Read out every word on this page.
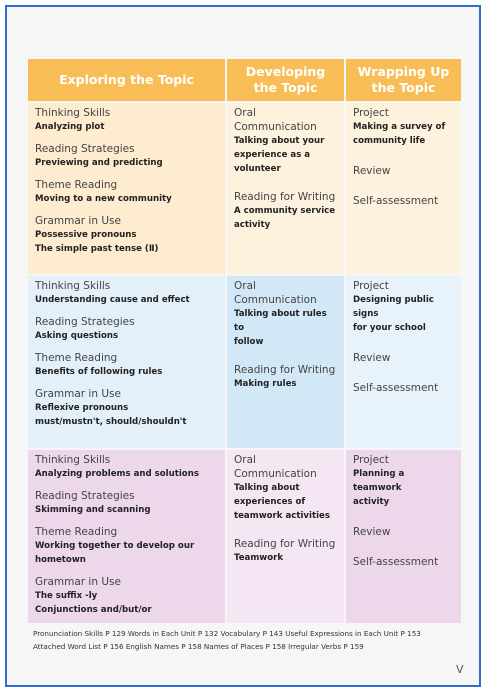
Exploring the Topic
Developing the Topic
Wrapping Up the Topic
Thinking Skills
Analyzing plot
Reading Strategies
Previewing and predicting
Theme Reading
Moving to a new community
Grammar in Use
Possessive pronouns
The simple past tense (Ⅱ)
Oral Communication
Talking about your
experience as a
volunteer
Reading for Writing
A community service
activity
Project
Making a survey of
community life
Review
Self-assessment
Thinking Skills
Understanding cause and effect
Reading Strategies
Asking questions
Theme Reading
Benefits of following rules
Grammar in Use
Reflexive pronouns
must/mustn't, should/shouldn't
Oral Communication
Talking about rules to
follow
Reading for Writing
Making rules
Project
Designing public signs
for your school
Review
Self-assessment
Thinking Skills
Analyzing problems and solutions
Reading Strategies
Skimming and scanning
Theme Reading
Working together to develop our
hometown
Grammar in Use
The suffix -ly
Conjunctions and/but/or
Oral Communication
Talking about
experiences of
teamwork activities
Reading for Writing
Teamwork
Project
Planning a teamwork
activity
Review
Self-assessment
Pronunciation Skills P 129 Words in Each Unit P 132 Vocabulary P 143 Useful Expressions in Each Unit P 153
Attached Word List P 156 English Names P 158 Names of Places P 158 Irregular Verbs P 159
V
